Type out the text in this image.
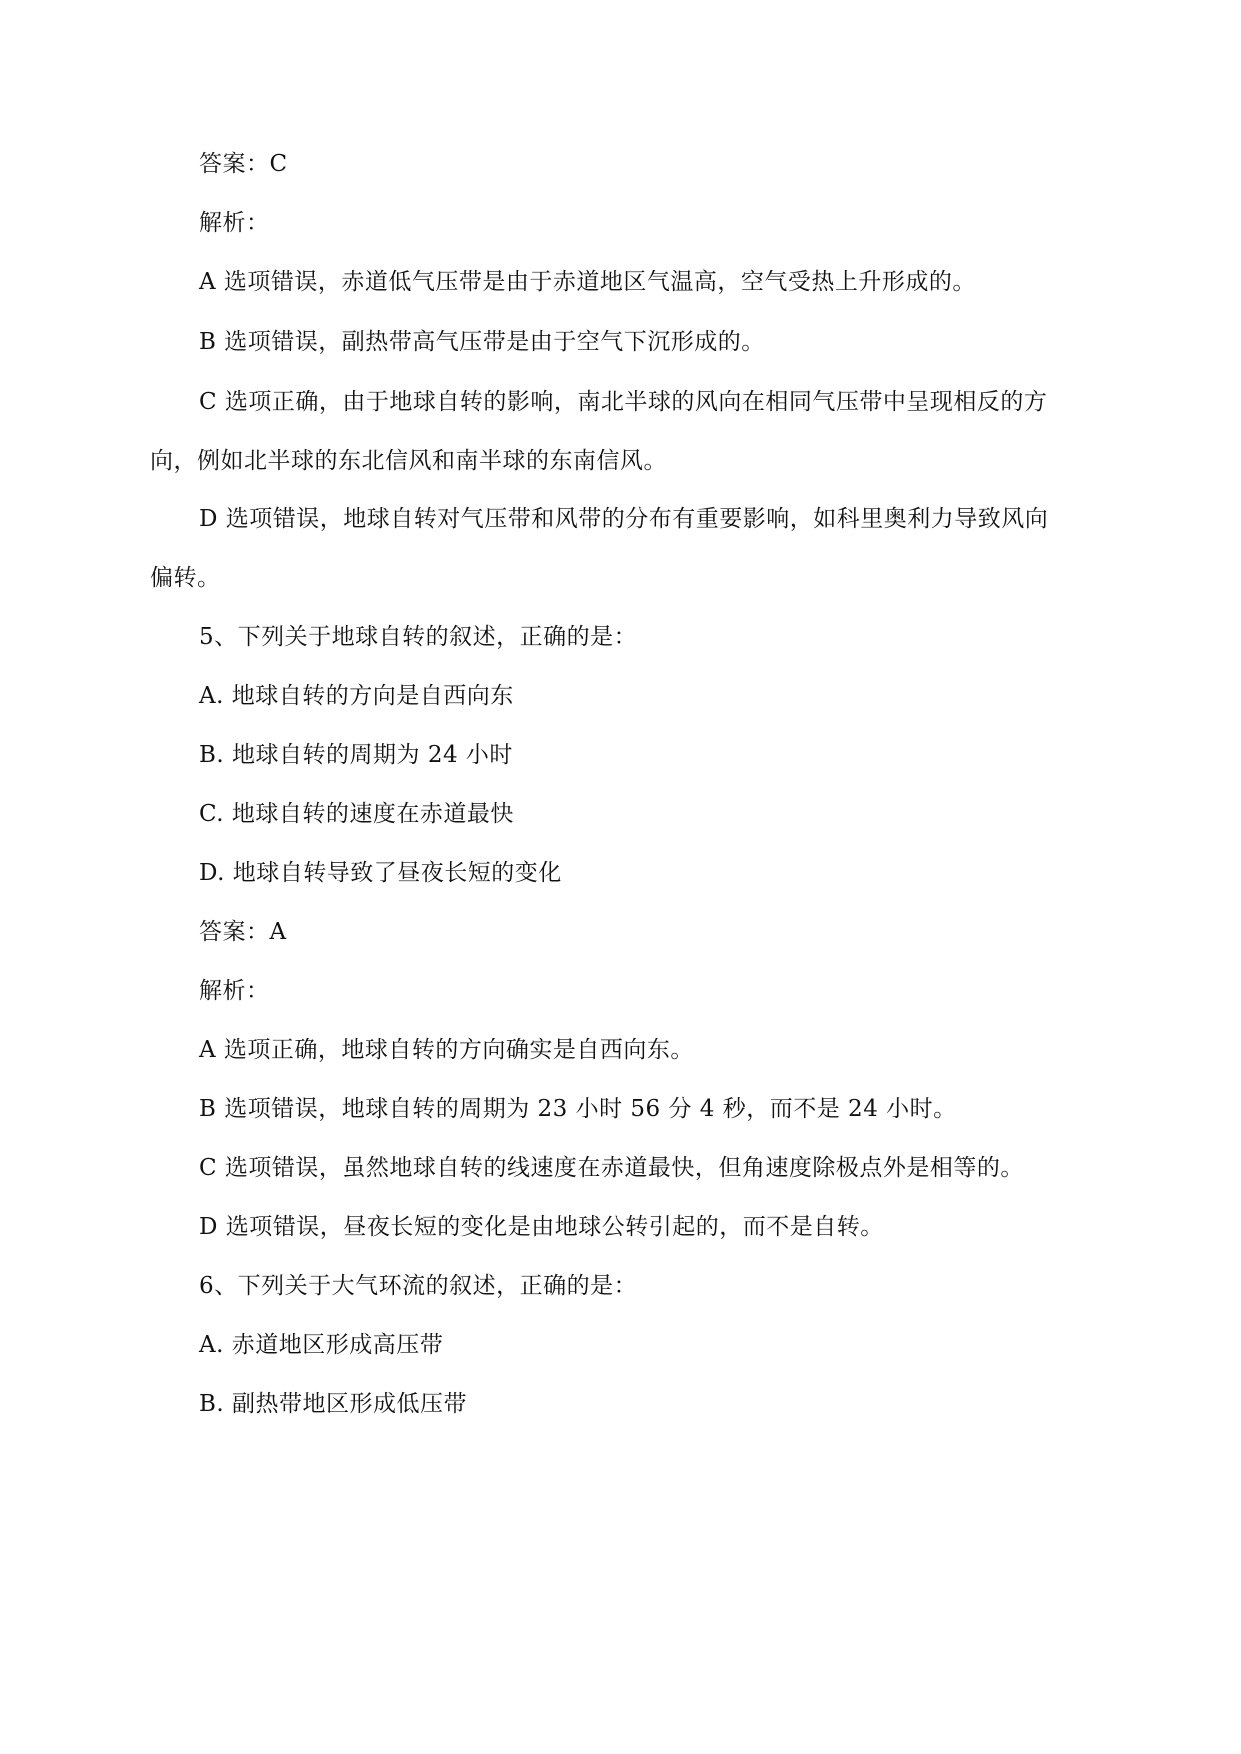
答案：C
解析：
A 选项错误，赤道低气压带是由于赤道地区气温高，空气受热上升形成的。
B 选项错误，副热带高气压带是由于空气下沉形成的。
C 选项正确，由于地球自转的影响，南北半球的风向在相同气压带中呈现相反的方
向，例如北半球的东北信风和南半球的东南信风。
D 选项错误，地球自转对气压带和风带的分布有重要影响，如科里奥利力导致风向
偏转。
5、下列关于地球自转的叙述，正确的是：
A. 地球自转的方向是自西向东
B. 地球自转的周期为 24 小时
C. 地球自转的速度在赤道最快
D. 地球自转导致了昼夜长短的变化
答案：A
解析：
A 选项正确，地球自转的方向确实是自西向东。
B 选项错误，地球自转的周期为 23 小时 56 分 4 秒，而不是 24 小时。
C 选项错误，虽然地球自转的线速度在赤道最快，但角速度除极点外是相等的。
D 选项错误，昼夜长短的变化是由地球公转引起的，而不是自转。
6、下列关于大气环流的叙述，正确的是：
A. 赤道地区形成高压带
B. 副热带地区形成低压带
